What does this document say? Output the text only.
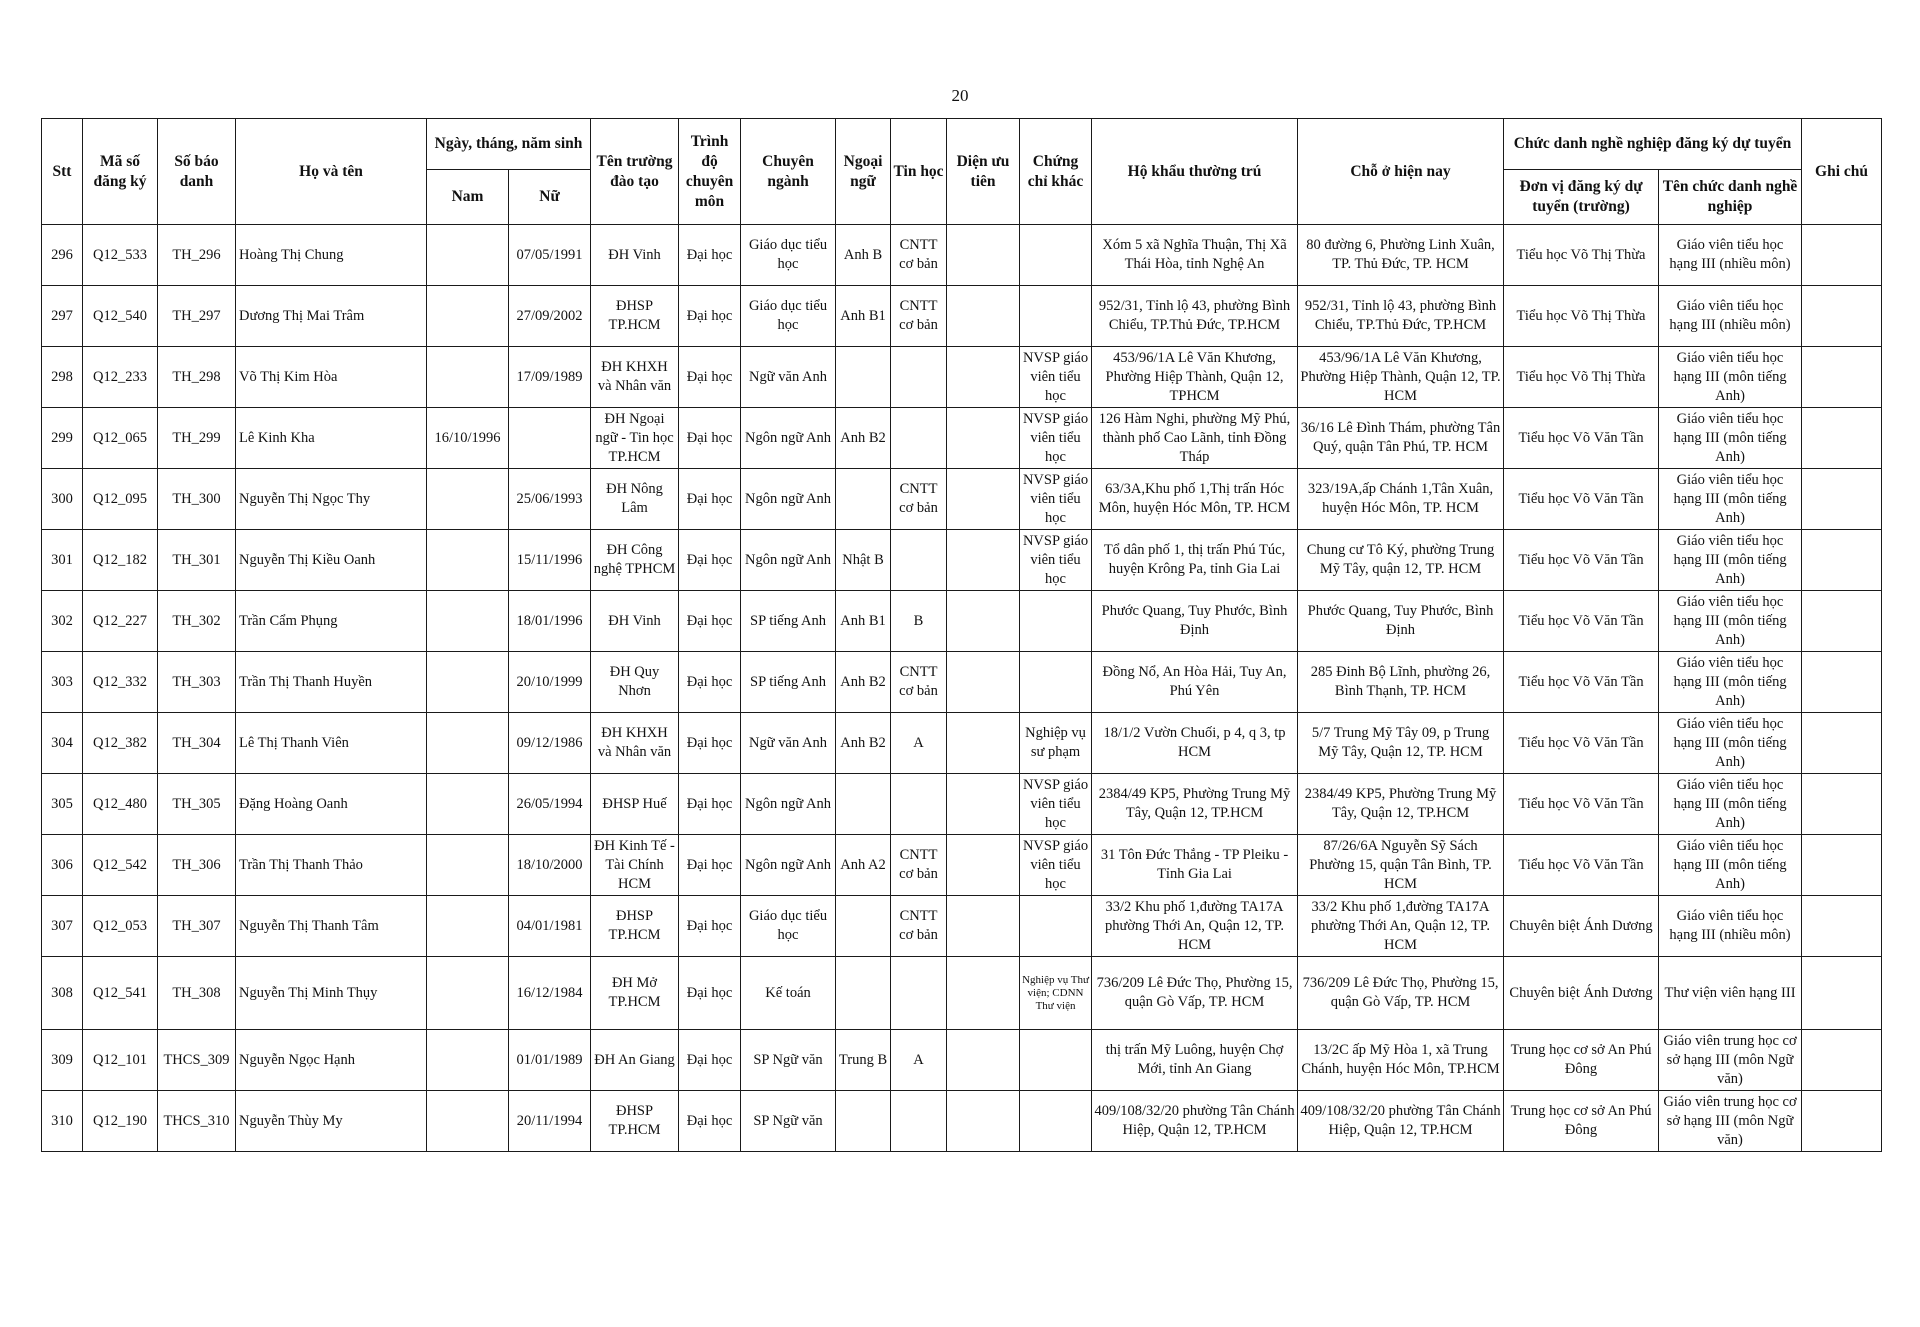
20
Stt	Mã số đăng ký	Số báo danh	Họ và tên	Ngày, tháng, năm sinh		Tên trường đào tạo	Trình độ chuyên môn	Chuyên ngành	Ngoại ngữ	Tin học	Diện ưu tiên	Chứng chỉ khác	Hộ khẩu thường trú	Chỗ ở hiện nay	Chức danh nghề nghiệp đăng ký dự tuyển		Ghi chú
				Nam	Nữ										Đơn vị đăng ký dự tuyển (trường)	Tên chức danh nghề nghiệp	
296	Q12_533	TH_296	Hoàng Thị Chung		07/05/1991	ĐH Vinh	Đại học	Giáo dục tiểu học	Anh B	CNTT cơ bản			Xóm 5 xã Nghĩa Thuận, Thị Xã Thái Hòa, tỉnh Nghệ An	80 đường 6, Phường Linh Xuân, TP. Thủ Đức, TP. HCM	Tiểu học Võ Thị Thừa	Giáo viên tiểu học hạng III (nhiều môn)	
297	Q12_540	TH_297	Dương Thị Mai Trâm		27/09/2002	ĐHSP TP.HCM	Đại học	Giáo dục tiểu học	Anh B1	CNTT cơ bản			952/31, Tỉnh lộ 43, phường Bình Chiểu, TP.Thủ Đức, TP.HCM	952/31, Tỉnh lộ 43, phường Bình Chiểu, TP.Thủ Đức, TP.HCM	Tiểu học Võ Thị Thừa	Giáo viên tiểu học hạng III (nhiều môn)	
298	Q12_233	TH_298	Võ Thị Kim Hòa		17/09/1989	ĐH KHXH và Nhân văn	Đại học	Ngữ văn Anh				NVSP giáo viên tiểu học	453/96/1A Lê Văn Khương, Phường Hiệp Thành, Quận 12, TPHCM	453/96/1A Lê Văn Khương, Phường Hiệp Thành, Quận 12, TP. HCM	Tiểu học Võ Thị Thừa	Giáo viên tiểu học hạng III (môn tiếng Anh)	
299	Q12_065	TH_299	Lê Kinh Kha	16/10/1996		ĐH Ngoại ngữ - Tin học TP.HCM	Đại học	Ngôn ngữ Anh	Anh B2			NVSP giáo viên tiểu học	126 Hàm Nghi, phường Mỹ Phú, thành phố Cao Lãnh, tỉnh Đồng Tháp	36/16 Lê Đình Thám, phường Tân Quý, quận Tân Phú, TP. HCM	Tiểu học Võ Văn Tần	Giáo viên tiểu học hạng III (môn tiếng Anh)	
300	Q12_095	TH_300	Nguyễn Thị Ngọc Thy		25/06/1993	ĐH Nông Lâm	Đại học	Ngôn ngữ Anh		CNTT cơ bản		NVSP giáo viên tiểu học	63/3A,Khu phố 1,Thị trấn Hóc Môn, huyện Hóc Môn, TP. HCM	323/19A,ấp Chánh 1,Tân Xuân, huyện Hóc Môn, TP. HCM	Tiểu học Võ Văn Tần	Giáo viên tiểu học hạng III (môn tiếng Anh)	
301	Q12_182	TH_301	Nguyễn Thị Kiều Oanh		15/11/1996	ĐH Công nghệ TPHCM	Đại học	Ngôn ngữ Anh	Nhật B			NVSP giáo viên tiểu học	Tổ dân phố 1, thị trấn Phú Túc, huyện Krông Pa, tỉnh Gia Lai	Chung cư Tô Ký, phường Trung Mỹ Tây, quận 12, TP. HCM	Tiểu học Võ Văn Tần	Giáo viên tiểu học hạng III (môn tiếng Anh)	
302	Q12_227	TH_302	Trần Cẩm Phụng		18/01/1996	ĐH Vinh	Đại học	SP tiếng Anh	Anh B1	B			Phước Quang, Tuy Phước, Bình Định	Phước Quang, Tuy Phước, Bình Định	Tiểu học Võ Văn Tần	Giáo viên tiểu học hạng III (môn tiếng Anh)	
303	Q12_332	TH_303	Trần Thị Thanh Huyền		20/10/1999	ĐH Quy Nhơn	Đại học	SP tiếng Anh	Anh B2	CNTT cơ bản			Đồng Nổ, An Hòa Hải, Tuy An, Phú Yên	285 Đinh Bộ Lĩnh, phường 26, Bình Thạnh, TP. HCM	Tiểu học Võ Văn Tần	Giáo viên tiểu học hạng III (môn tiếng Anh)	
304	Q12_382	TH_304	Lê Thị Thanh Viên		09/12/1986	ĐH KHXH và Nhân văn	Đại học	Ngữ văn Anh	Anh B2	A		Nghiệp vụ sư phạm	18/1/2 Vườn Chuối, p 4, q 3, tp HCM	5/7 Trung Mỹ Tây 09, p Trung Mỹ Tây, Quận 12, TP. HCM	Tiểu học Võ Văn Tần	Giáo viên tiểu học hạng III (môn tiếng Anh)	
305	Q12_480	TH_305	Đặng Hoàng Oanh		26/05/1994	ĐHSP Huế	Đại học	Ngôn ngữ Anh				NVSP giáo viên tiểu học	2384/49 KP5, Phường Trung Mỹ Tây, Quận 12, TP.HCM	2384/49 KP5, Phường Trung Mỹ Tây, Quận 12, TP.HCM	Tiểu học Võ Văn Tần	Giáo viên tiểu học hạng III (môn tiếng Anh)	
306	Q12_542	TH_306	Trần Thị Thanh Thảo		18/10/2000	ĐH Kinh Tế - Tài Chính HCM	Đại học	Ngôn ngữ Anh	Anh A2	CNTT cơ bản		NVSP giáo viên tiểu học	31 Tôn Đức Thắng - TP Pleiku - Tỉnh Gia Lai	87/26/6A Nguyễn Sỹ Sách Phường 15, quận Tân Bình, TP. HCM	Tiểu học Võ Văn Tần	Giáo viên tiểu học hạng III (môn tiếng Anh)	
307	Q12_053	TH_307	Nguyễn Thị Thanh Tâm		04/01/1981	ĐHSP TP.HCM	Đại học	Giáo dục tiểu học		CNTT cơ bản			33/2 Khu phố 1,đường TA17A phường Thới An, Quận 12, TP. HCM	33/2 Khu phố 1,đường TA17A phường Thới An, Quận 12, TP. HCM	Chuyên biệt Ánh Dương	Giáo viên tiểu học hạng III (nhiều môn)	
308	Q12_541	TH_308	Nguyễn Thị Minh Thụy		16/12/1984	ĐH Mở TP.HCM	Đại học	Kế toán				Nghiệp vụ Thư viện; CDNN Thư viện	736/209 Lê Đức Thọ, Phường 15, quận Gò Vấp, TP. HCM	736/209 Lê Đức Thọ, Phường 15, quận Gò Vấp, TP. HCM	Chuyên biệt Ánh Dương	Thư viện viên hạng III	
309	Q12_101	THCS_309	Nguyễn Ngọc Hạnh		01/01/1989	ĐH An Giang	Đại học	SP Ngữ văn	Trung B	A			thị trấn Mỹ Luông, huyện Chợ Mới, tỉnh An Giang	13/2C ấp Mỹ Hòa 1, xã Trung Chánh, huyện Hóc Môn, TP.HCM	Trung học cơ sở An Phú Đông	Giáo viên trung học cơ sở hạng III (môn Ngữ văn)	
310	Q12_190	THCS_310	Nguyễn Thùy My		20/11/1994	ĐHSP TP.HCM	Đại học	SP Ngữ văn					409/108/32/20 phường Tân Chánh Hiệp, Quận 12, TP.HCM	409/108/32/20 phường Tân Chánh Hiệp, Quận 12, TP.HCM	Trung học cơ sở An Phú Đông	Giáo viên trung học cơ sở hạng III (môn Ngữ văn)	
